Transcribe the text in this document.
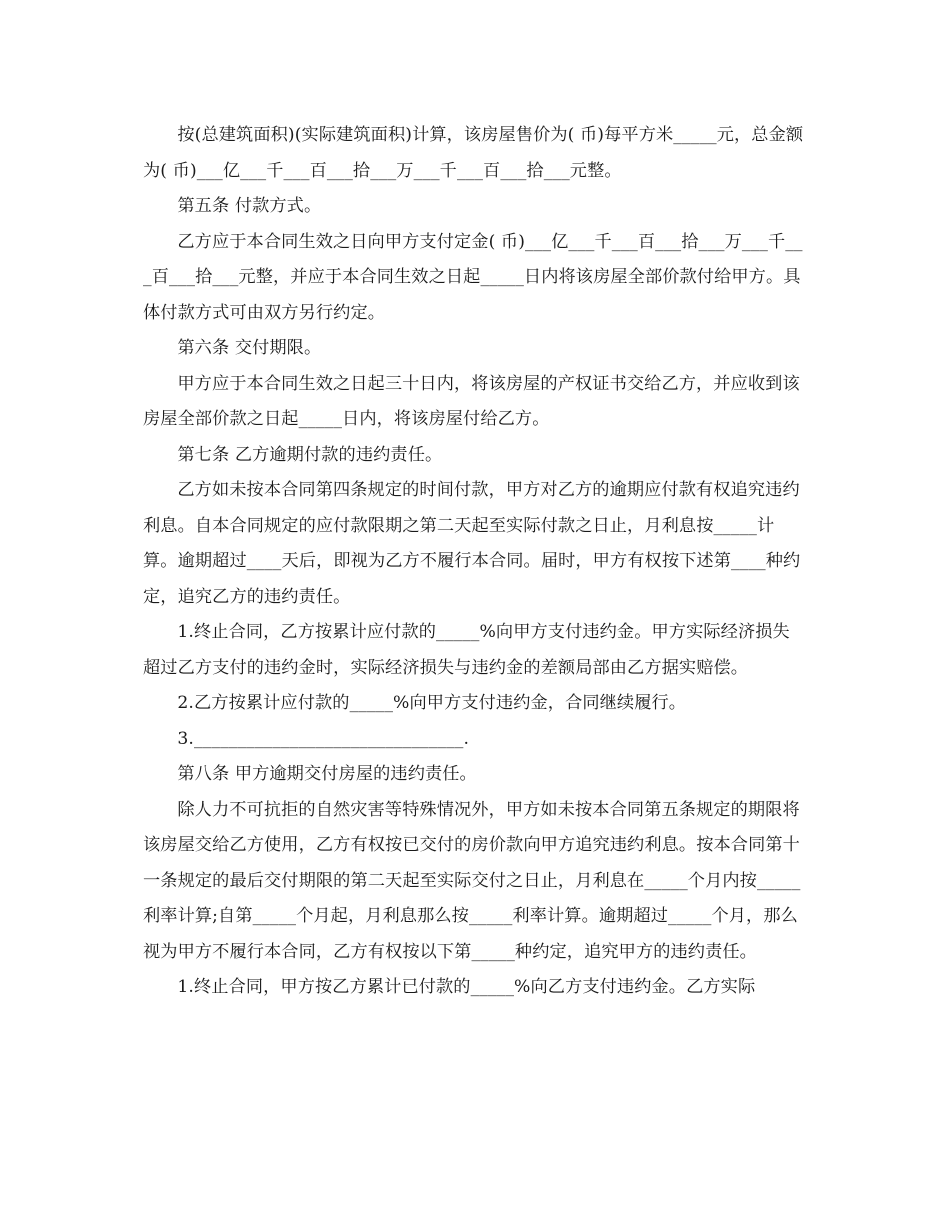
按(总建筑面积)(实际建筑面积)计算，该房屋售价为( 币)每平方米_____元，总金额为( 币)___亿___千___百___拾___万___千___百___拾___元整。

第五条 付款方式。

乙方应于本合同生效之日向甲方支付定金( 币)___亿___千___百___拾___万___千___百___拾___元整，并应于本合同生效之日起_____日内将该房屋全部价款付给甲方。具体付款方式可由双方另行约定。

第六条 交付期限。

甲方应于本合同生效之日起三十日内，将该房屋的产权证书交给乙方，并应收到该房屋全部价款之日起_____日内，将该房屋付给乙方。

第七条 乙方逾期付款的违约责任。

乙方如未按本合同第四条规定的时间付款，甲方对乙方的逾期应付款有权追究违约利息。自本合同规定的应付款限期之第二天起至实际付款之日止，月利息按_____计算。逾期超过____天后，即视为乙方不履行本合同。届时，甲方有权按下述第____种约定，追究乙方的违约责任。

1.终止合同，乙方按累计应付款的_____%向甲方支付违约金。甲方实际经济损失超过乙方支付的违约金时，实际经济损失与违约金的差额局部由乙方据实赔偿。

2.乙方按累计应付款的_____%向甲方支付违约金，合同继续履行。

3._______________________________.

第八条 甲方逾期交付房屋的违约责任。

除人力不可抗拒的自然灾害等特殊情况外，甲方如未按本合同第五条规定的期限将该房屋交给乙方使用，乙方有权按已交付的房价款向甲方追究违约利息。按本合同第十一条规定的最后交付期限的第二天起至实际交付之日止，月利息在_____个月内按_____利率计算;自第_____个月起，月利息那么按_____利率计算。逾期超过_____个月，那么视为甲方不履行本合同，乙方有权按以下第_____种约定，追究甲方的违约责任。

1.终止合同，甲方按乙方累计已付款的_____%向乙方支付违约金。乙方实际
